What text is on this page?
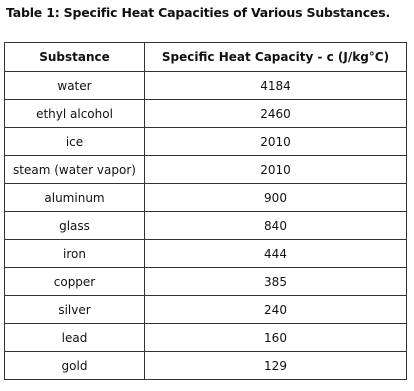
Table 1: Specific Heat Capacities of Various Substances.
Substance	Specific Heat Capacity - c (J/kg°C)
water	4184
ethyl alcohol	2460
ice	2010
steam (water vapor)	2010
aluminum	900
glass	840
iron	444
copper	385
silver	240
lead	160
gold	129
